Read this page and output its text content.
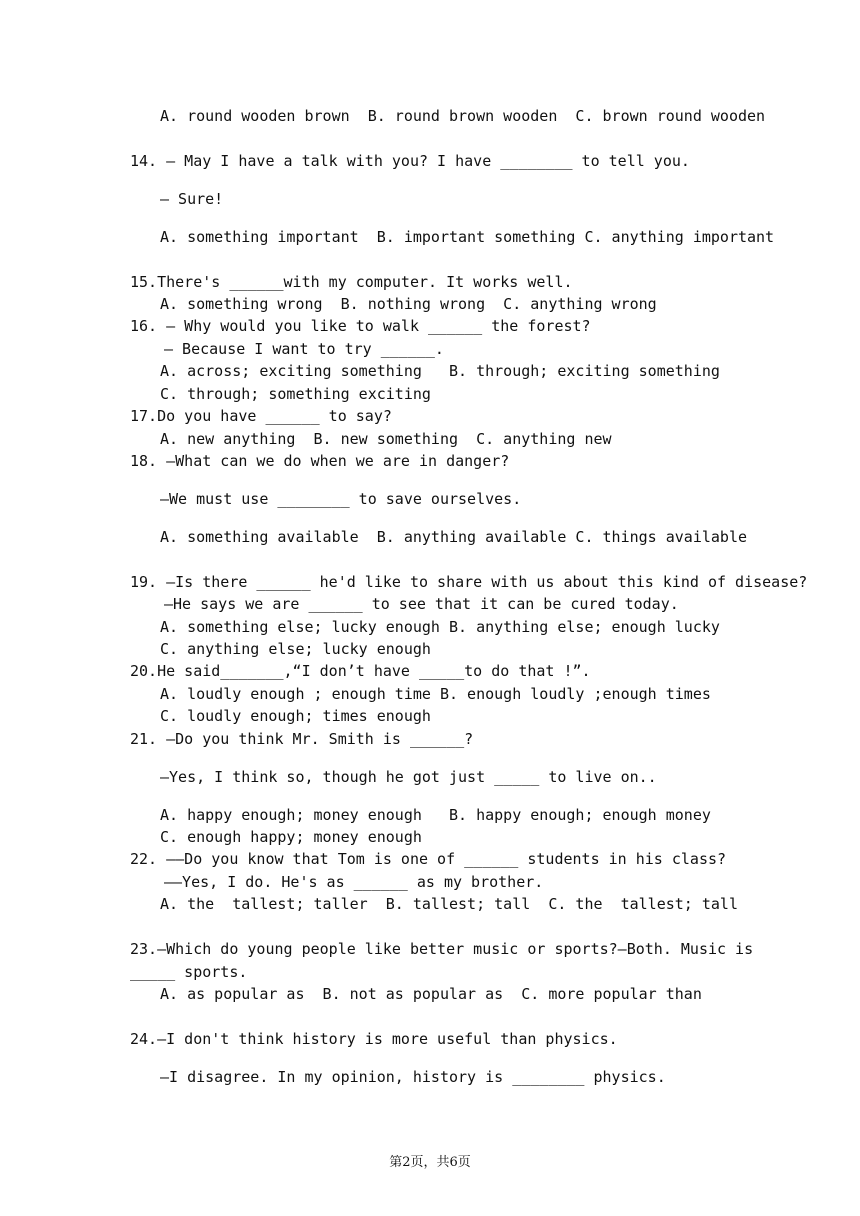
A. round wooden brown  B. round brown wooden  C. brown round wooden
14. — May I have a talk with you? I have ________ to tell you.
— Sure!
A. something important  B. important something C. anything important
15.There's ______with my computer. It works well.
A. something wrong  B. nothing wrong  C. anything wrong
16. — Why would you like to walk ______ the forest?
— Because I want to try ______.
A. across; exciting something   B. through; exciting something
C. through; something exciting
17.Do you have ______ to say?
A. new anything  B. new something  C. anything new
18. —What can we do when we are in danger?
—We must use ________ to save ourselves.
A. something available  B. anything available C. things available
19. —Is there ______ he'd like to share with us about this kind of disease?
—He says we are ______ to see that it can be cured today.
A. something else; lucky enough B. anything else; enough lucky
C. anything else; lucky enough
20.He said_______,“I don’t have _____to do that !”.
A. loudly enough ; enough time B. enough loudly ;enough times
C. loudly enough; times enough
21. —Do you think Mr. Smith is ______?
—Yes, I think so, though he got just _____ to live on..
A. happy enough; money enough   B. happy enough; enough money
C. enough happy; money enough
22. ——Do you know that Tom is one of ______ students in his class?
——Yes, I do. He's as ______ as my brother.
A. the  tallest; taller  B. tallest; tall  C. the  tallest; tall
23.—Which do young people like better music or sports?—Both. Music is
_____ sports.
A. as popular as  B. not as popular as  C. more popular than
24.—I don't think history is more useful than physics.
—I disagree. In my opinion, history is ________ physics.
第2页，共6页
